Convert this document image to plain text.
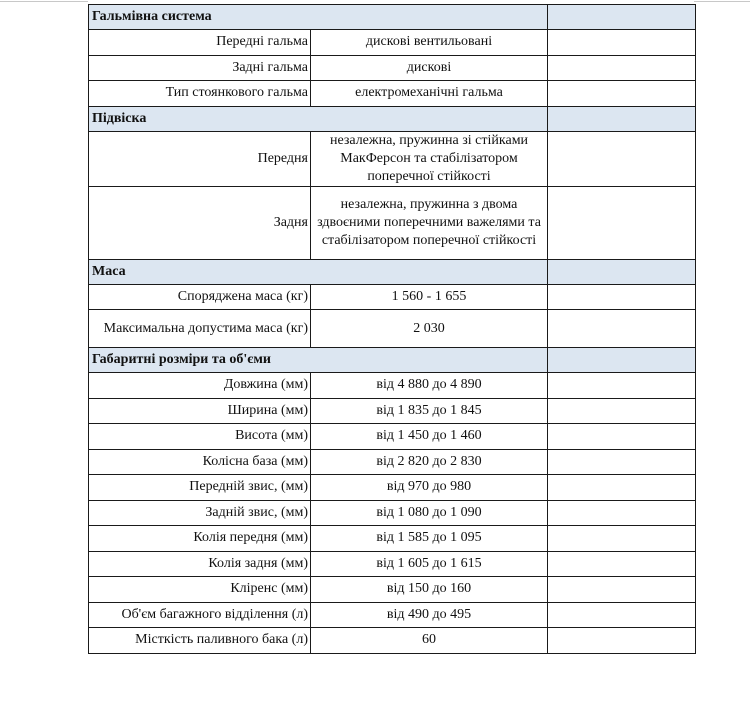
Гальмівна система		
Передні гальма	дискові вентильовані	
Задні гальма	дискові	
Тип стоянкового гальма	електромеханічні гальма	
Підвіска		
Передня	незалежна, пружинна зі стійками МакФерсон та стабілізатором поперечної стійкості	
Задня	незалежна, пружинна з двома здвоєними поперечними важелями та стабілізатором поперечної стійкості	
Маса		
Споряджена маса (кг)	1 560 - 1 655	
Максимальна допустима маса (кг)	2 030	
Габаритні розміри та об'єми		
Довжина (мм)	від 4 880 до 4 890	
Ширина (мм)	від 1 835 до 1 845	
Висота (мм)	від 1 450 до 1 460	
Колісна база (мм)	від 2 820 до 2 830	
Передній звис, (мм)	від 970 до 980	
Задній звис, (мм)	від 1 080 до 1 090	
Колія передня (мм)	від 1 585 до 1 095	
Колія задня (мм)	від 1 605 до 1 615	
Кліренс (мм)	від 150 до 160	
Об'єм багажного відділення (л)	від 490 до 495	
Місткість паливного бака (л)	60	
